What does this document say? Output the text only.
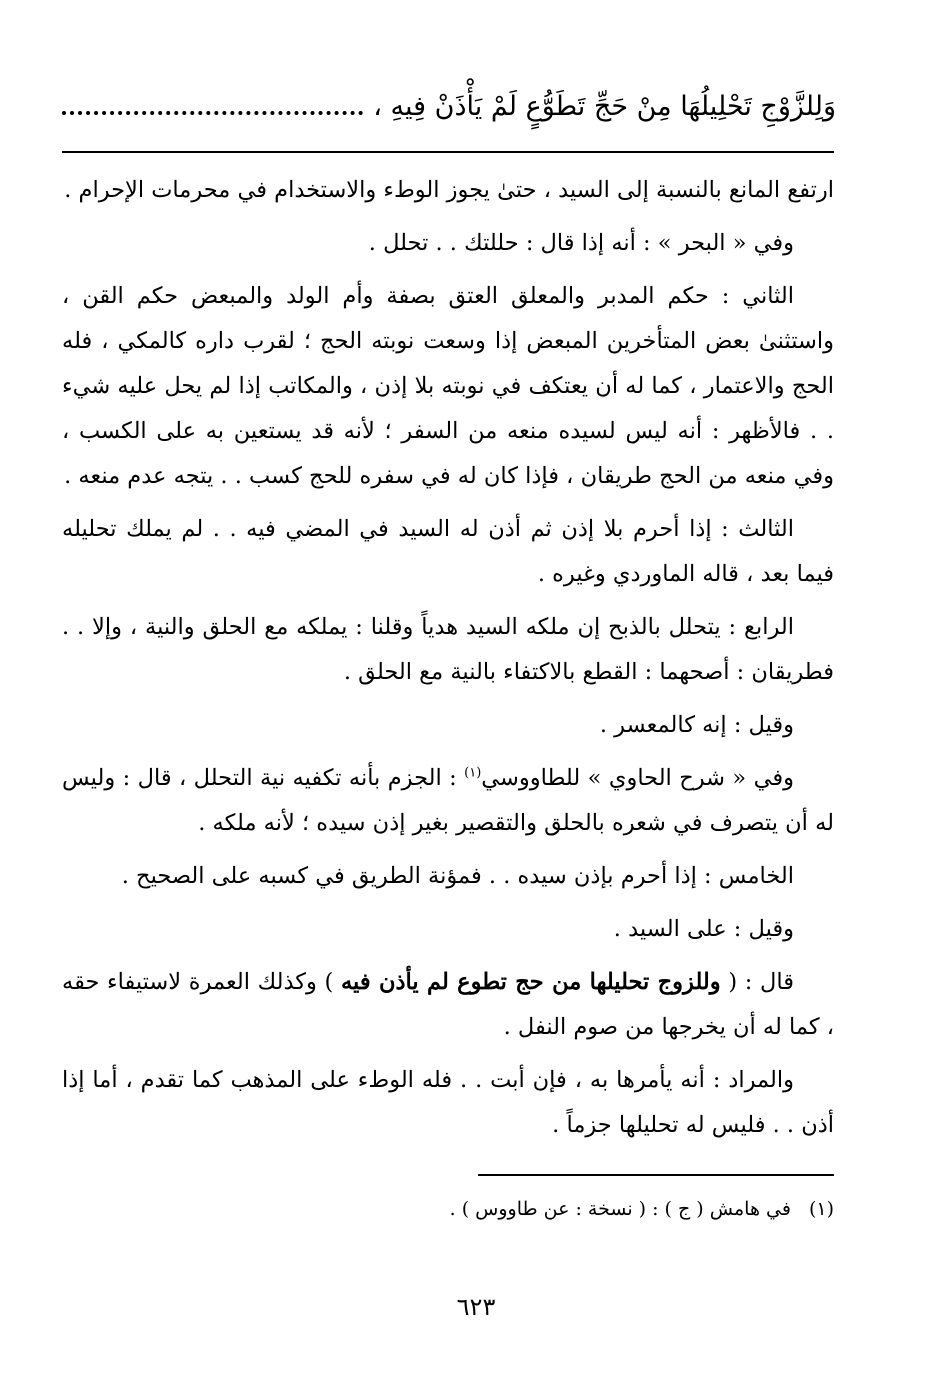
وَلِلزَّوْجِ تَحْلِيلُهَا مِنْ حَجِّ تَطَوُّعٍ لَمْ يَأْذَنْ فِيهِ ،

ارتفع المانع بالنسبة إلى السيد ، حتىٰ يجوز الوطء والاستخدام في محرمات الإحرام .

وفي « البحر » : أنه إذا قال : حللتك . . تحلل .

الثاني : حكم المدبر والمعلق العتق بصفة وأم الولد والمبعض حكم القن ، واستثنىٰ بعض المتأخرين المبعض إذا وسعت نوبته الحج ؛ لقرب داره كالمكي ، فله الحج والاعتمار ، كما له أن يعتكف في نوبته بلا إذن ، والمكاتب إذا لم يحل عليه شيء . . فالأظهر : أنه ليس لسيده منعه من السفر ؛ لأنه قد يستعين به على الكسب ، وفي منعه من الحج طريقان ، فإذا كان له في سفره للحج كسب . . يتجه عدم منعه .

الثالث : إذا أحرم بلا إذن ثم أذن له السيد في المضي فيه . . لم يملك تحليله فيما بعد ، قاله الماوردي وغيره .

الرابع : يتحلل بالذبح إن ملكه السيد هدياً وقلنا : يملكه مع الحلق والنية ، وإلا . . فطريقان : أصحهما : القطع بالاكتفاء بالنية مع الحلق .

وقيل : إنه كالمعسر .

وفي « شرح الحاوي » للطاووسي$^{(١)}$ : الجزم بأنه تكفيه نية التحلل ، قال : وليس له أن يتصرف في شعره بالحلق والتقصير بغير إذن سيده ؛ لأنه ملكه .

الخامس : إذا أحرم بإذن سيده . . فمؤنة الطريق في كسبه على الصحيح .

وقيل : على السيد .

قال : ( وللزوج تحليلها من حج تطوع لم يأذن فيه ) وكذلك العمرة لاستيفاء حقه ، كما له أن يخرجها من صوم النفل .

والمراد : أنه يأمرها به ، فإن أبت . . فله الوطء على المذهب كما تقدم ، أما إذا أذن . . فليس له تحليلها جزماً .

(١)في هامش ( ج ) : ( نسخة : عن طاووس ) .
٦٢٣
